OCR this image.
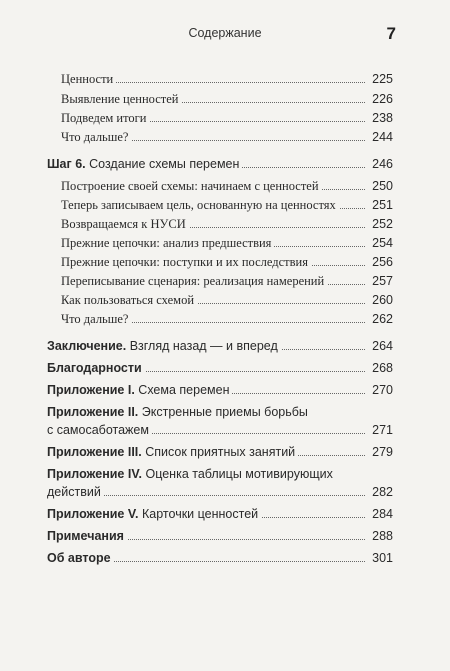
Содержание	7
Ценности	225
Выявление ценностей	226
Подведем итоги	238
Что дальше?	244
Шаг 6. Создание схемы перемен	246
Построение своей схемы: начинаем с ценностей	250
Теперь записываем цель, основанную на ценностях	251
Возвращаемся к НУСИ	252
Прежние цепочки: анализ предшествия	254
Прежние цепочки: поступки и их последствия	256
Переписывание сценария: реализация намерений	257
Как пользоваться схемой	260
Что дальше?	262
Заключение. Взгляд назад — и вперед	264
Благодарности	268
Приложение I. Схема перемен	270
Приложение II. Экстренные приемы борьбы
с самосаботажем	271
Приложение III. Список приятных занятий	279
Приложение IV. Оценка таблицы мотивирующих
действий	282
Приложение V. Карточки ценностей	284
Примечания	288
Об авторе	301
